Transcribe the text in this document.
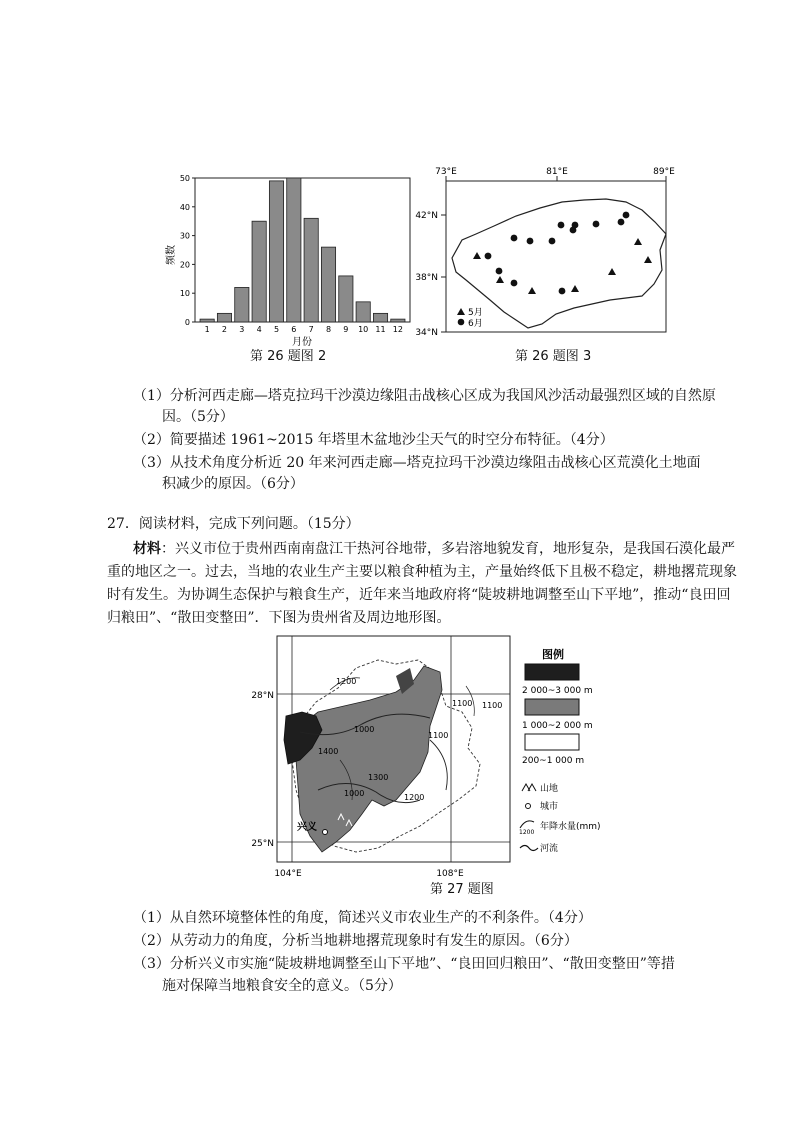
0
10
20
30
40
50
1 2 3 4 5 6 7 8 9 10 11 12
频数
月份
第 26 题图 2
73°E	81°E	89°E
42°N
38°N
34°N
5月
6月
第 26 题图 3
（1）分析河西走廊—塔克拉玛干沙漠边缘阻击战核心区成为我国风沙活动最强烈区域的自然原
因。（5分）
（2）简要描述 1961~2015 年塔里木盆地沙尘天气的时空分布特征。（4分）
（3）从技术角度分析近 20 年来河西走廊—塔克拉玛干沙漠边缘阻击战核心区荒漠化土地面
积减少的原因。（6分）
27．阅读材料，完成下列问题。（15分）
材料：兴义市位于贵州西南南盘江干热河谷地带，多岩溶地貌发育，地形复杂，是我国石漠化最严重的地区之一。过去，当地的农业生产主要以粮食种植为主，产量始终低下且极不稳定，耕地撂荒现象时有发生。为协调生态保护与粮食生产，近年来当地政府将“陡坡耕地调整至山下平地”，推动“良田回归粮田”、“散田变整田”．下图为贵州省及周边地形图。
1200
1100
1000
1300
1100
1100
1400
1000	1200
兴义
28°N
25°N
104°E	108°E
图例
2 000~3 000 m
1 000~2 000 m
200~1 000 m
山地
城市
1200
年降水量(mm)
河流
第 27 题图
（1）从自然环境整体性的角度，简述兴义市农业生产的不利条件。（4分）
（2）从劳动力的角度，分析当地耕地撂荒现象时有发生的原因。（6分）
（3）分析兴义市实施“陡坡耕地调整至山下平地”、“良田回归粮田”、“散田变整田”等措
施对保障当地粮食安全的意义。（5分）
